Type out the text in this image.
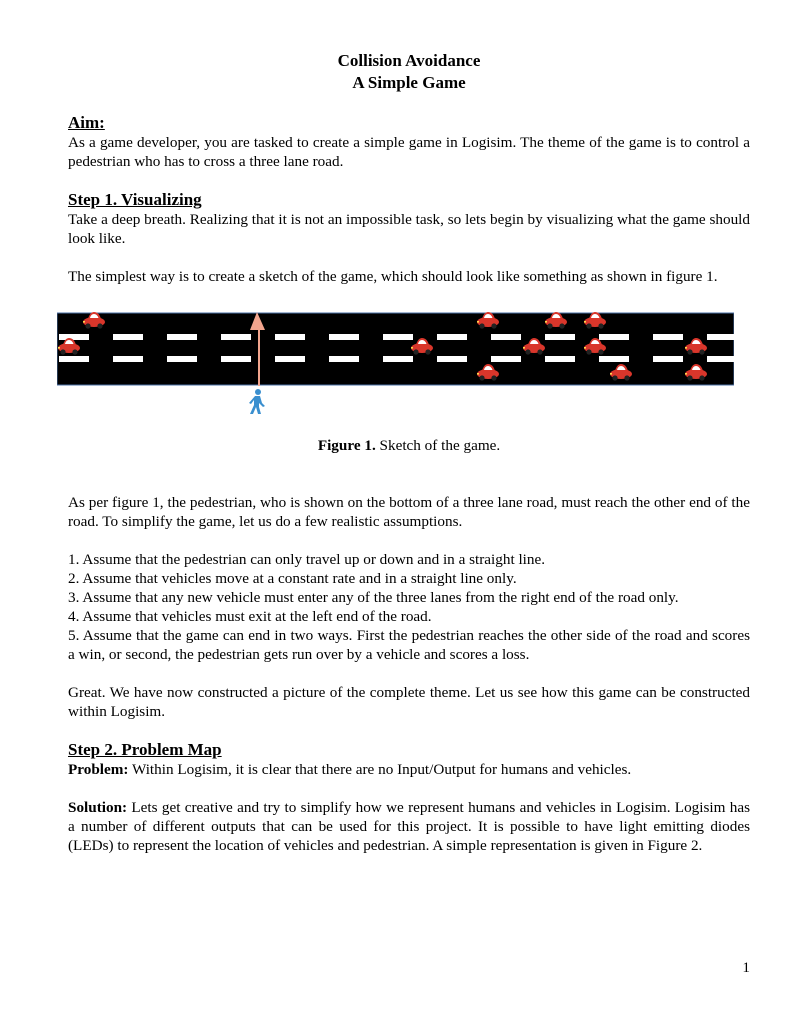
Collision Avoidance
A Simple Game
Aim:

As a game developer, you are tasked to create a simple game in Logisim. The theme of the game is to control a pedestrian who has to cross a three lane road.

Step 1. Visualizing

Take a deep breath. Realizing that it is not an impossible task, so lets begin by visualizing what the game should look like.

The simplest way is to create a sketch of the game, which should look like something as shown in figure 1.

Figure 1. Sketch of the game.

As per figure 1, the pedestrian, who is shown on the bottom of a three lane road, must reach the other end of the road. To simplify the game, let us do a few realistic assumptions.

1. Assume that the pedestrian can only travel up or down and in a straight line.

2. Assume that vehicles move at a constant rate and in a straight line only.

3. Assume that any new vehicle must enter any of the three lanes from the right end of the road only.

4. Assume that vehicles must exit at the left end of the road.

5. Assume that the game can end in two ways. First the pedestrian reaches the other side of the road and scores a win, or second, the pedestrian gets run over by a vehicle and scores a loss.

Great. We have now constructed a picture of the complete theme. Let us see how this game can be constructed within Logisim.

Step 2. Problem Map

Problem: Within Logisim, it is clear that there are no Input/Output for humans and vehicles.

Solution: Lets get creative and try to simplify how we represent humans and vehicles in Logisim. Logisim has a number of different outputs that can be used for this project. It is possible to have light emitting diodes (LEDs) to represent the location of vehicles and pedestrian. A simple representation is given in Figure 2.

1
